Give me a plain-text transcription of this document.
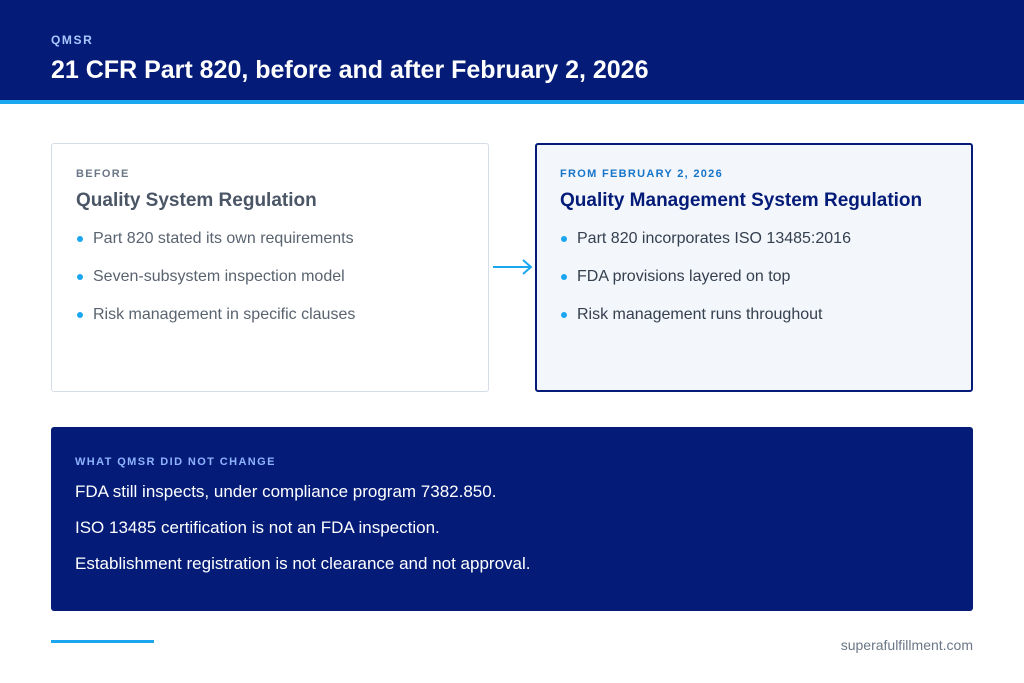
QMSR
21 CFR Part 820, before and after February 2, 2026
BEFORE
Quality System Regulation
Part 820 stated its own requirements
Seven-subsystem inspection model
Risk management in specific clauses
FROM FEBRUARY 2, 2026
Quality Management System Regulation
Part 820 incorporates ISO 13485:2016
FDA provisions layered on top
Risk management runs throughout
WHAT QMSR DID NOT CHANGE
FDA still inspects, under compliance program 7382.850.
ISO 13485 certification is not an FDA inspection.
Establishment registration is not clearance and not approval.
superafulfillment.com
